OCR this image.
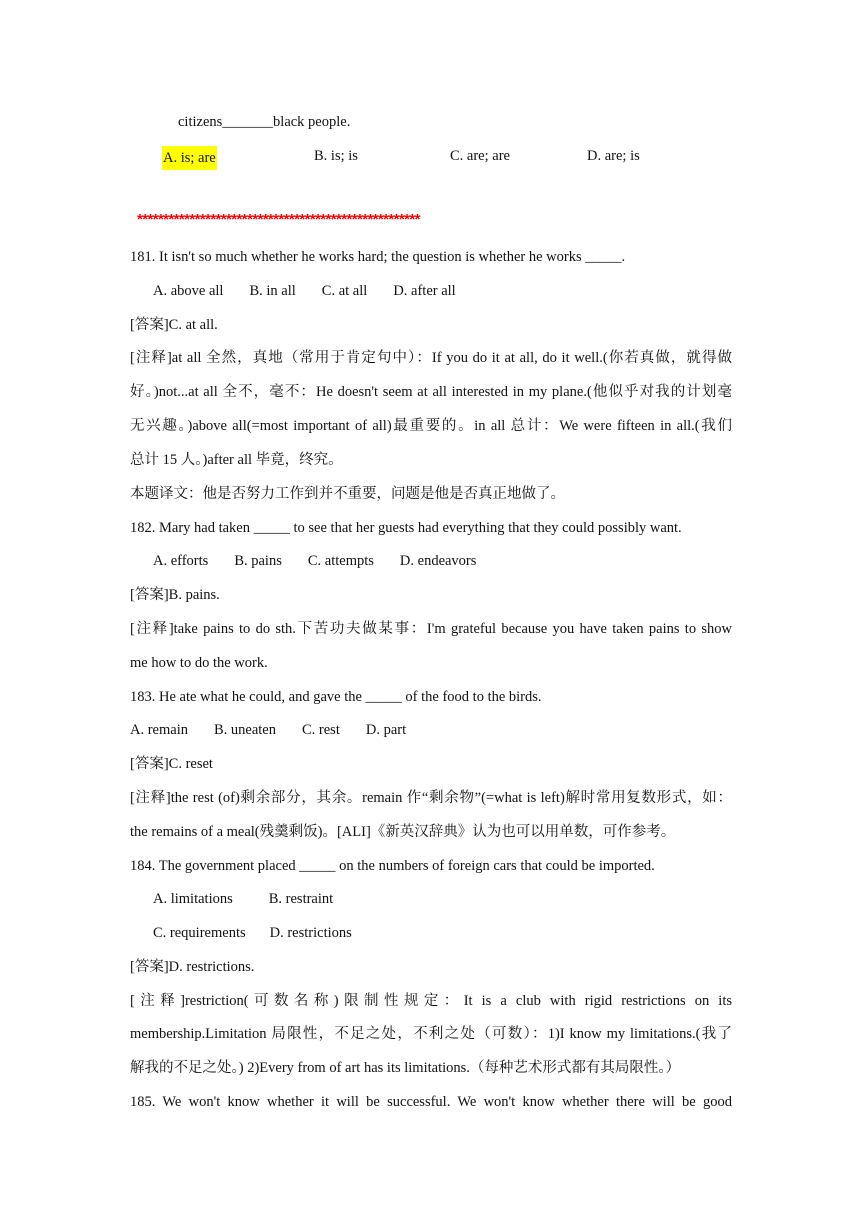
citizens_______black people.
A. is; are	B. is; is	C. are; are	D. are; is
******************************************************
181. It isn't so much whether he works hard; the question is whether he works _____.
A. above all B. in all C. at all D. after all
[答案]C. at all.
[注释]at all 全然，真地（常用于肯定句中）：If you do it at all, do it well.(你若真做，就得做
好。)not...at all 全不，毫不：He doesn't seem at all interested in my plane.(他似乎对我的计划毫
无兴趣。)above all(=most important of all)最重要的。in all 总计：We were fifteen in all.(我们
总计 15 人。)after all 毕竟，终究。
本题译文：他是否努力工作到并不重要，问题是他是否真正地做了。
182. Mary had taken _____ to see that her guests had everything that they could possibly want.
A. efforts B. pains C. attempts D. endeavors
[答案]B. pains.
[注释]take pains to do sth.下苦功夫做某事：I'm grateful because you have taken pains to show
me how to do the work.
183. He ate what he could, and gave the _____ of the food to the birds.
A. remain B. uneaten C. rest D. part
[答案]C. reset
[注释]the rest (of)剩余部分，其余。remain 作“剩余物”(=what is left)解时常用复数形式，如：
the remains of a meal(残羹剩饭)。[ALI]《新英汉辞典》认为也可以用单数，可作参考。
184. The government placed _____ on the numbers of foreign cars that could be imported.
A. limitations B. restraint
C. requirements D. restrictions
[答案]D. restrictions.
[注释]restriction(可数名称)限制性规定：It is a club with rigid restrictions on its
membership.Limitation 局限性，不足之处，不利之处（可数）：1)I know my limitations.(我了
解我的不足之处。) 2)Every from of art has its limitations.（每种艺术形式都有其局限性。）
185. We won't know whether it will be successful. We won't know whether there will be good
